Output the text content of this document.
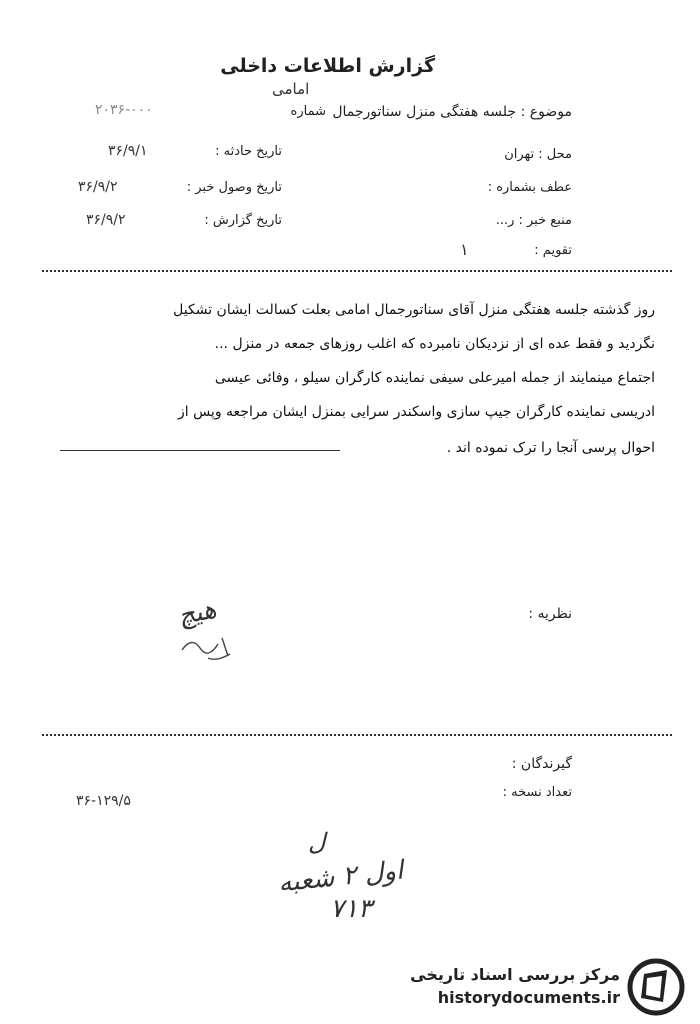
گزارش اطلاعات داخلی
امامی
موضوع :
جلسه هفتگی منزل سناتورجمال
شماره
۲۰۳۶-۰۰۰
محل : تهران
عطف بشماره :
منبع خبر : ر...
تقویم :
۱
تاریخ حادثه :
۳۶/۹/۱
تاریخ وصول خبر :
۳۶/۹/۲
تاریخ گزارش :
۳۶/۹/۲
روز گذشته جلسه هفتگی منزل آقای سناتورجمال امامی بعلت کسالت ایشان تشکیل
نگردید و فقط عده ای از نزدیکان نامبرده که اغلب روزهای جمعه در منزل ...
اجتماع مینمایند از جمله امیرعلی سیفی نماینده کارگران سیلو ، وفائی عیسی
ادریسی نماینده کارگران جیپ سازی واسکندر سرایی بمنزل ایشان مراجعه وپس از
احوال پرسی آنجا را ترک نموده اند .
نظریه :
هیچ
گیرندگان :
تعداد نسخه :
۳۶-۱۲۹/۵
ل
اول ۲ شعبه
۷۱۳
مرکز بررسی اسناد تاریخی
historydocuments.ir
